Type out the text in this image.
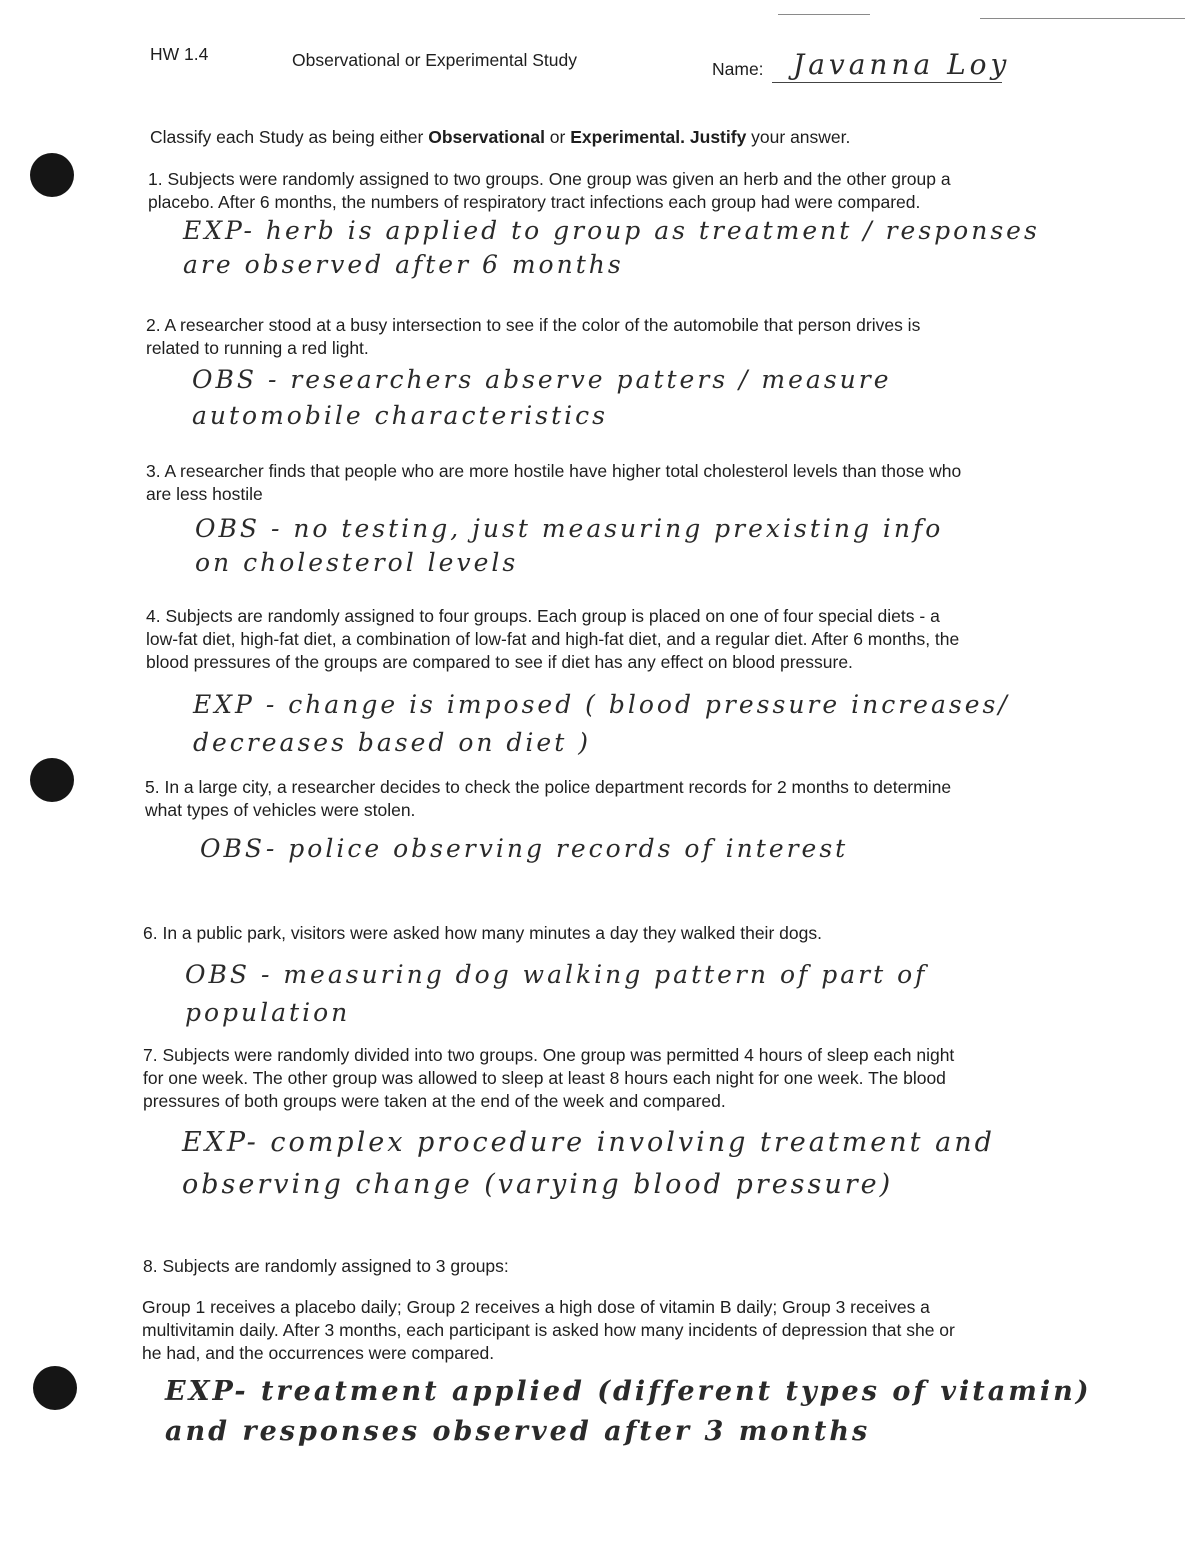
HW 1.4	Observational or Experimental Study	Name: Javanna Loy
Classify each Study as being either Observational or Experimental. Justify your answer.
1. Subjects were randomly assigned to two groups. One group was given an herb and the other group a
placebo. After 6 months, the numbers of respiratory tract infections each group had were compared.
EXP- herb is applied to group as treatment / responses
are observed after 6 months
2. A researcher stood at a busy intersection to see if the color of the automobile that person drives is
related to running a red light.
OBS - researchers abserve patters / measure
automobile characteristics
3. A researcher finds that people who are more hostile have higher total cholesterol levels than those who
are less hostile
OBS - no testing, just measuring prexisting info
on cholesterol levels
4. Subjects are randomly assigned to four groups. Each group is placed on one of four special diets - a
low-fat diet, high-fat diet, a combination of low-fat and high-fat diet, and a regular diet. After 6 months, the
blood pressures of the groups are compared to see if diet has any effect on blood pressure.
EXP - change is imposed ( blood pressure increases/
decreases based on diet )
5. In a large city, a researcher decides to check the police department records for 2 months to determine
what types of vehicles were stolen.
OBS- police observing records of interest
6. In a public park, visitors were asked how many minutes a day they walked their dogs.
OBS - measuring dog walking pattern of part of
population
7. Subjects were randomly divided into two groups. One group was permitted 4 hours of sleep each night
for one week. The other group was allowed to sleep at least 8 hours each night for one week. The blood
pressures of both groups were taken at the end of the week and compared.
EXP- complex procedure involving treatment and
observing change (varying blood pressure)
8. Subjects are randomly assigned to 3 groups:
Group 1 receives a placebo daily; Group 2 receives a high dose of vitamin B daily; Group 3 receives a
multivitamin daily. After 3 months, each participant is asked how many incidents of depression that she or
he had, and the occurrences were compared.
EXP- treatment applied (different types of vitamin)
and responses observed after 3 months
